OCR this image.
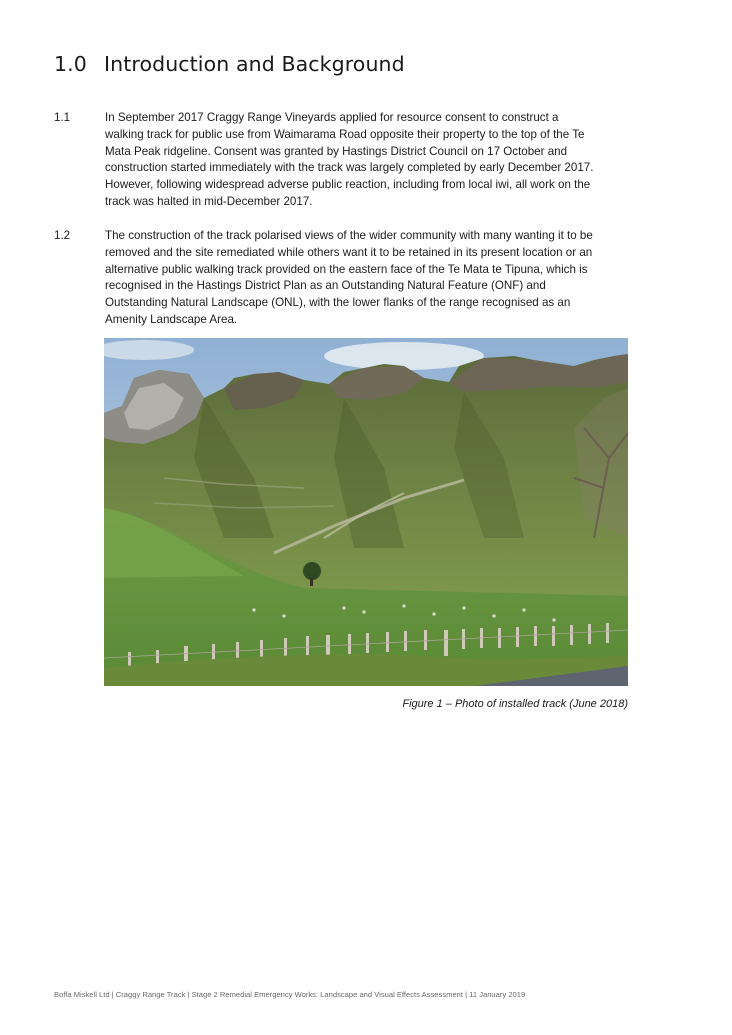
1.0 Introduction and Background
1.1	In September 2017 Craggy Range Vineyards applied for resource consent to construct a
walking track for public use from Waimarama Road opposite their property to the top of the Te
Mata Peak ridgeline. Consent was granted by Hastings District Council on 17 October and
construction started immediately with the track was largely completed by early December 2017.
However, following widespread adverse public reaction, including from local iwi, all work on the
track was halted in mid-December 2017.
1.2	The construction of the track polarised views of the wider community with many wanting it to be
removed and the site remediated while others want it to be retained in its present location or an
alternative public walking track provided on the eastern face of the Te Mata te Tipuna, which is
recognised in the Hastings District Plan as an Outstanding Natural Feature (ONF) and
Outstanding Natural Landscape (ONL), with the lower flanks of the range recognised as an
Amenity Landscape Area.
Figure 1 – Photo of installed track (June 2018)
Boffa Miskell Ltd | Craggy Range Track | Stage 2 Remedial Emergency Works: Landscape and Visual Effects Assessment | 11 January 2019
